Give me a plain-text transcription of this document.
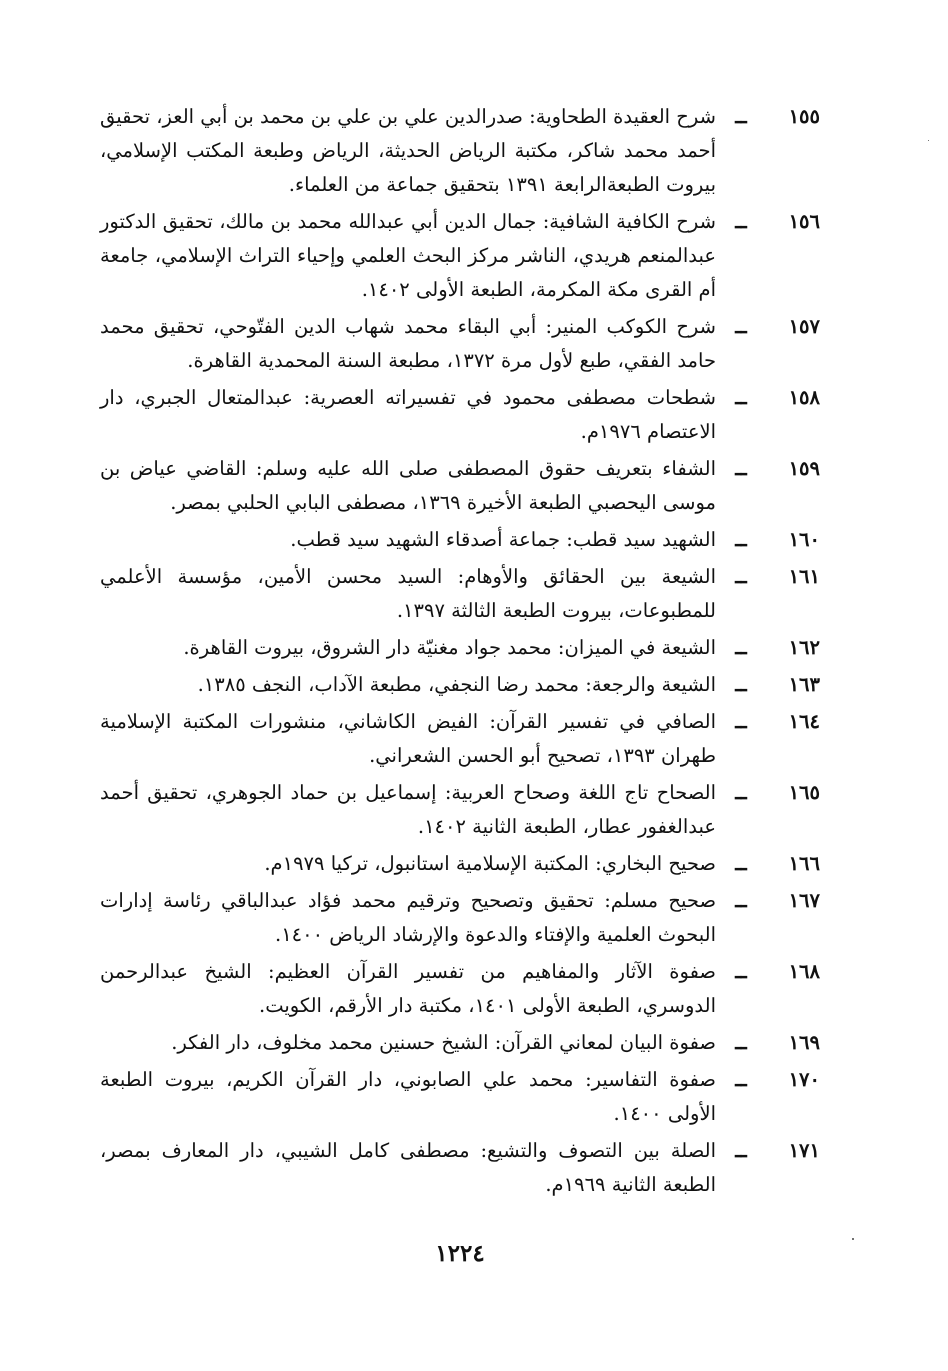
١٥٥
ــ
شرح العقيدة الطحاوية: صدرالدين علي بن علي بن محمد بن أبي العز، تحقيق أحمد محمد شاكر، مكتبة الرياض الحديثة، الرياض وطبعة المكتب الإسلامي، بيروت الطبعةالرابعة ١٣٩١ بتحقيق جماعة من العلماء.
١٥٦
ــ
شرح الكافية الشافية: جمال الدين أبي عبدالله محمد بن مالك، تحقيق الدكتور عبدالمنعم هريدي، الناشر مركز البحث العلمي وإحياء التراث الإسلامي، جامعة أم القرى مكة المكرمة، الطبعة الأولى ١٤٠٢.
١٥٧
ــ
شرح الكوكب المنير: أبي البقاء محمد شهاب الدين الفتّوحي، تحقيق محمد حامد الفقي، طبع لأول مرة ١٣٧٢، مطبعة السنة المحمدية القاهرة.
١٥٨
ــ
شطحات مصطفى محمود في تفسيراته العصرية: عبدالمتعال الجبري، دار الاعتصام ١٩٧٦م.
١٥٩
ــ
الشفاء بتعريف حقوق المصطفى صلى الله عليه وسلم: القاضي عياض بن موسى اليحصبي الطبعة الأخيرة ١٣٦٩، مصطفى البابي الحلبي بمصر.
١٦٠
ــ
الشهيد سيد قطب: جماعة أصدقاء الشهيد سيد قطب.
١٦١
ــ
الشيعة بين الحقائق والأوهام: السيد محسن الأمين، مؤسسة الأعلمي للمطبوعات، بيروت الطبعة الثالثة ١٣٩٧.
١٦٢
ــ
الشيعة في الميزان: محمد جواد مغنيّة دار الشروق، بيروت القاهرة.
١٦٣
ــ
الشيعة والرجعة: محمد رضا النجفي، مطبعة الآداب، النجف ١٣٨٥.
١٦٤
ــ
الصافي في تفسير القرآن: الفيض الكاشاني، منشورات المكتبة الإسلامية طهران ١٣٩٣، تصحيح أبو الحسن الشعراني.
١٦٥
ــ
الصحاح تاج اللغة وصحاح العربية: إسماعيل بن حماد الجوهري، تحقيق أحمد عبدالغفور عطار، الطبعة الثانية ١٤٠٢.
١٦٦
ــ
صحيح البخاري: المكتبة الإسلامية استانبول، تركيا ١٩٧٩م.
١٦٧
ــ
صحيح مسلم: تحقيق وتصحيح وترقيم محمد فؤاد عبدالباقي رئاسة إدارات البحوث العلمية والإفتاء والدعوة والإرشاد الرياض ١٤٠٠.
١٦٨
ــ
صفوة الآثار والمفاهيم من تفسير القرآن العظيم: الشيخ عبدالرحمن الدوسري، الطبعة الأولى ١٤٠١، مكتبة دار الأرقم، الكويت.
١٦٩
ــ
صفوة البيان لمعاني القرآن: الشيخ حسنين محمد مخلوف، دار الفكر.
١٧٠
ــ
صفوة التفاسير: محمد علي الصابوني، دار القرآن الكريم، بيروت الطبعة الأولى ١٤٠٠.
١٧١
ــ
الصلة بين التصوف والتشيع: مصطفى كامل الشيبي، دار المعارف بمصر، الطبعة الثانية ١٩٦٩م.
١٢٢٤
